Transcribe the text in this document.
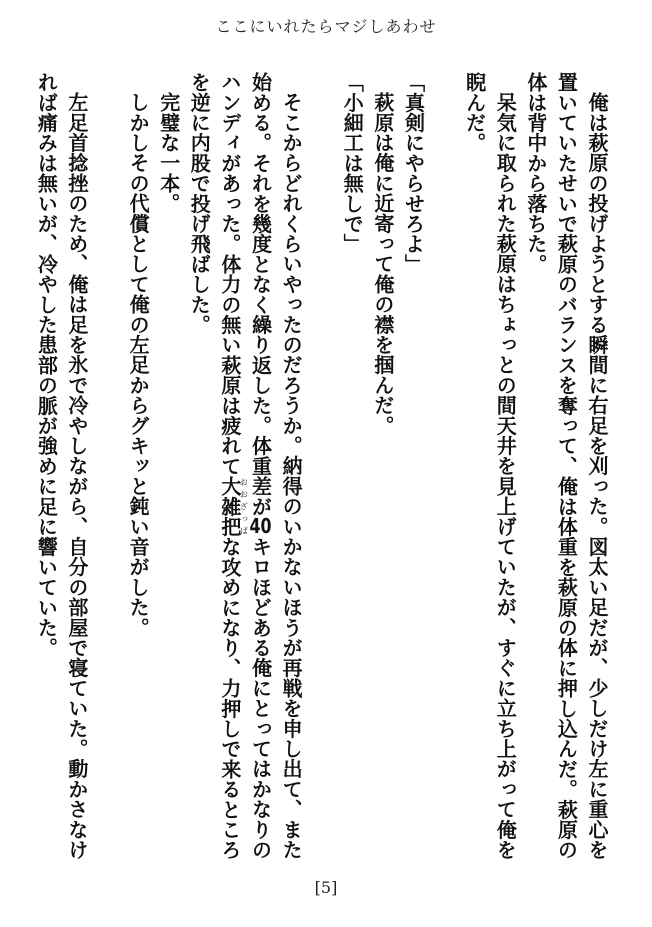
ここにいれたらマジしあわせ

俺は萩原の投げようとする瞬間に右足を刈った。図太い足だが、少しだけ左に重心を置いていたせいで萩原のバランスを奪って、俺は体重を萩原の体に押し込んだ。萩原の体は背中から落ちた。

呆気に取られた萩原はちょっとの間天井を見上げていたが、すぐに立ち上がって俺を睨んだ。

「真剣にやらせろよ」

萩原は俺に近寄って俺の襟を掴んだ。

「小細工は無しで」

そこからどれくらいやったのだろうか。納得のいかないほうが再戦を申し出て、また始める。それを幾度となく繰り返した。体重差が40キロほどある俺にとってはかなりのハンディがあった。体力の無い萩原は疲れて大雑把おおざっぱな攻めになり、力押しで来るところを逆に内股で投げ飛ばした。

完璧な一本。

しかしその代償として俺の左足からグキッと鈍い音がした。

左足首捻挫のため、俺は足を氷で冷やしながら、自分の部屋で寝ていた。動かさなければ痛みは無いが、冷やした患部の脈が強めに足に響いていた。

[5]
